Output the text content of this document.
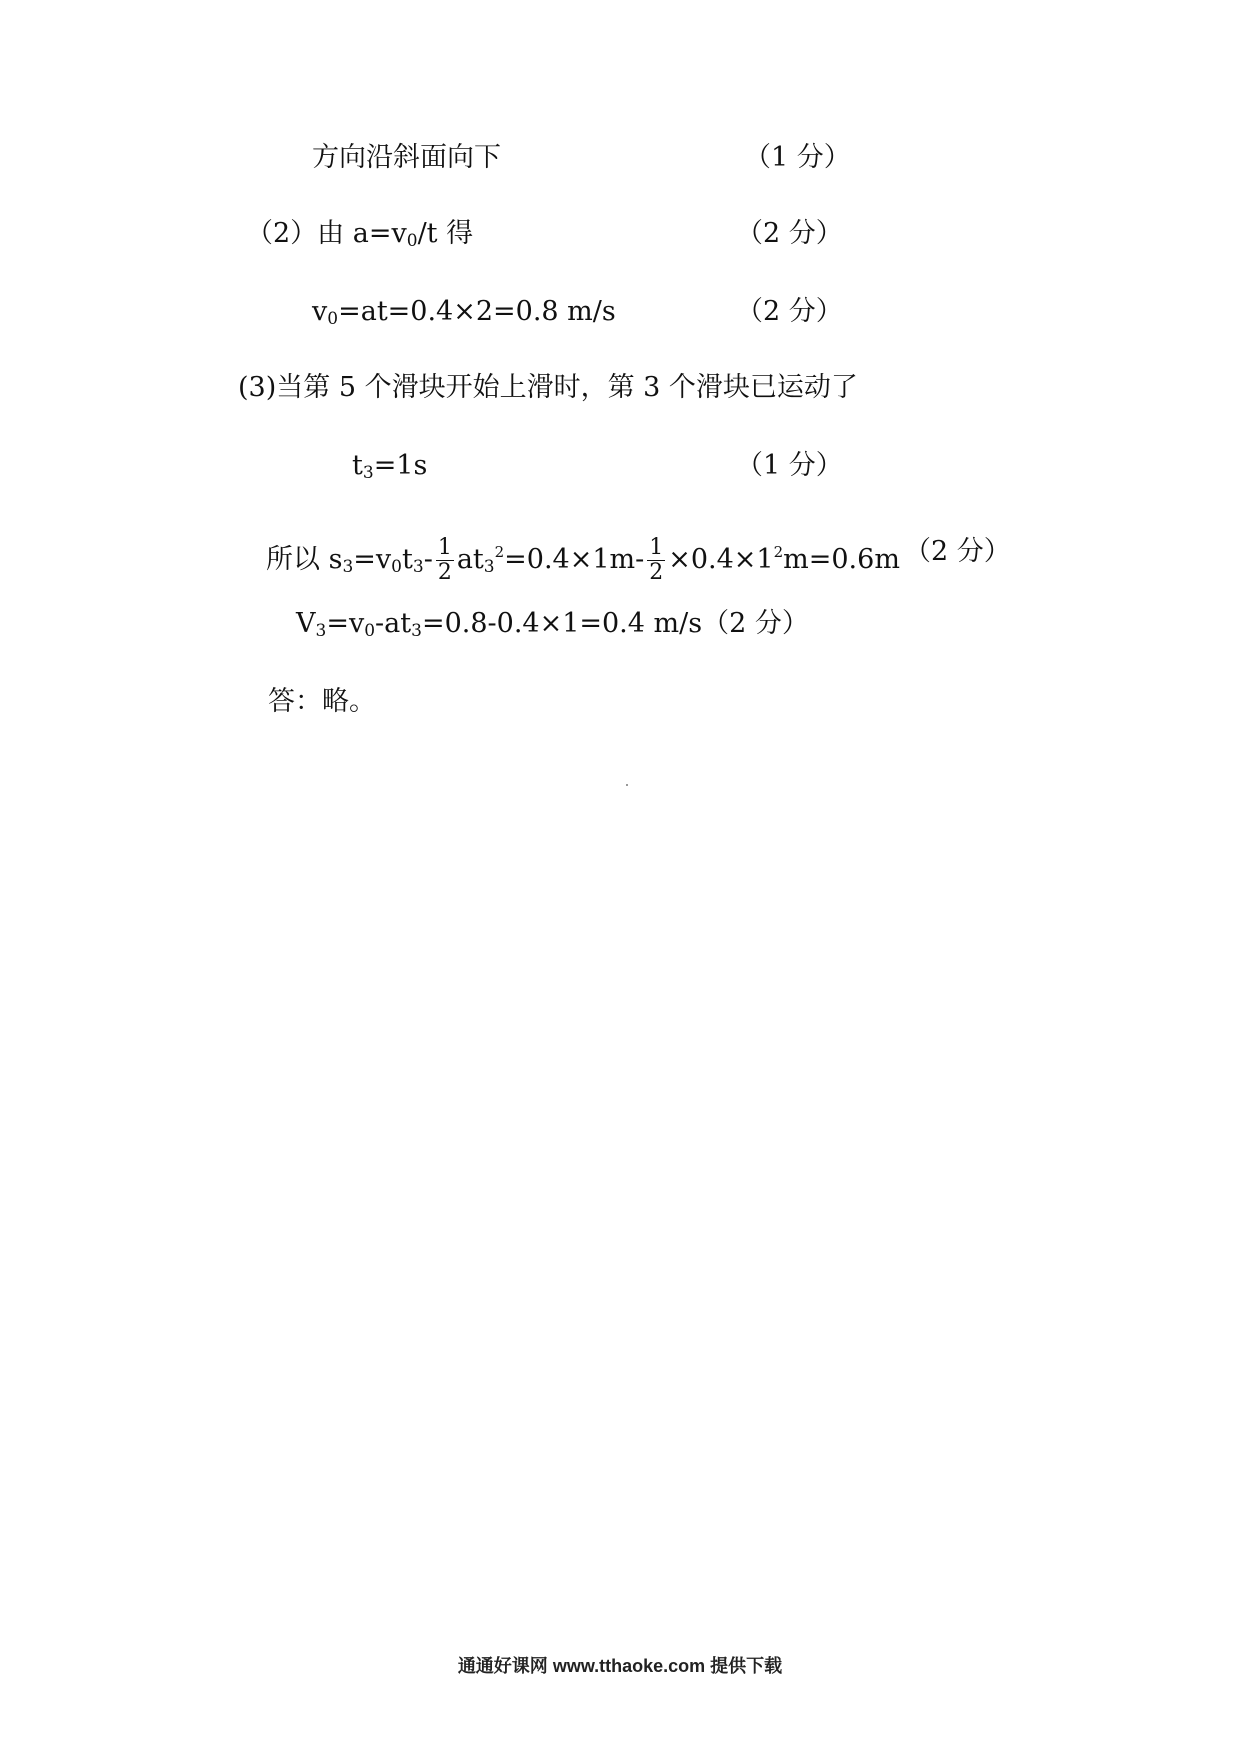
方向沿斜面向下	（1 分）
（2）由 $a=v_0/t$ 得	（2 分）
$v_0=at=0.4\times 2=0.8$ m/s	（2 分）
(3)当第 5 个滑块开始上滑时，第 3 个滑块已运动了
$t_3=1s$	（1 分）
所以 $s_3=v_0t_3- \frac{1}{2} at_3^2=0.4\times 1m- \frac{1}{2} \times 0.4\times 1^2m=0.6m$ （2 分）
$V_3=v_0-at_3=0.8-0.4\times 1=0.4$ m/s（2 分）
答：略。
通通好课网 www.tthaoke.com 提供下载
